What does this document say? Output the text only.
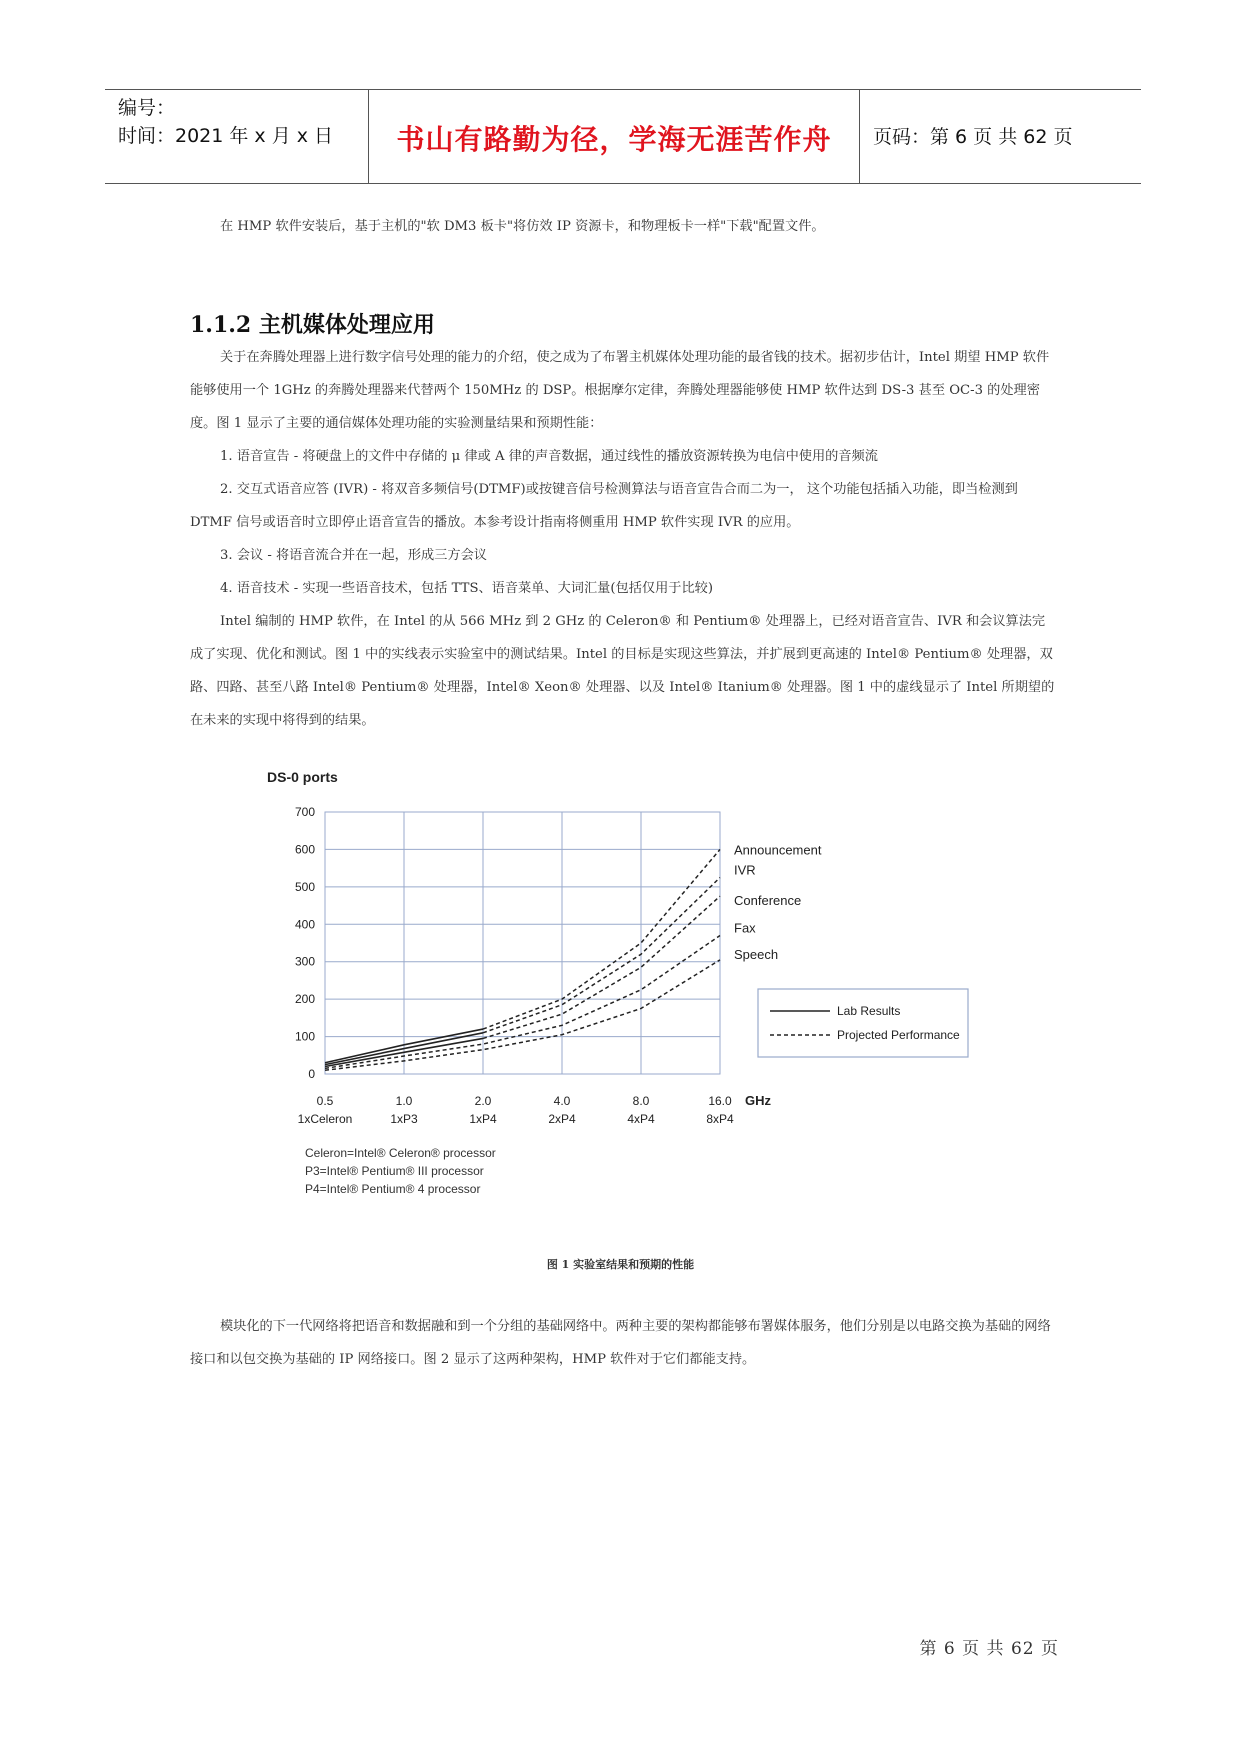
编号：
时间：2021 年 x 月 x 日	书山有路勤为径，学海无涯苦作舟	页码：第 6 页 共 62 页
在 HMP 软件安装后，基于主机的"软 DM3 板卡"将仿效 IP 资源卡，和物理板卡一样"下载"配置文件。
1.1.2 主机媒体处理应用
关于在奔腾处理器上进行数字信号处理的能力的介绍，使之成为了布署主机媒体处理功能的最省钱的技术。据初步估计，Intel 期望 HMP 软件能够使用一个 1GHz 的奔腾处理器来代替两个 150MHz 的 DSP。根据摩尔定律，奔腾处理器能够使 HMP 软件达到 DS-3 甚至 OC-3 的处理密度。图 1 显示了主要的通信媒体处理功能的实验测量结果和预期性能：
1. 语音宣告 - 将硬盘上的文件中存储的 μ 律或 A 律的声音数据，通过线性的播放资源转换为电信中使用的音频流
2. 交互式语音应答 (IVR) - 将双音多频信号(DTMF)或按键音信号检测算法与语音宣告合而二为一， 这个功能包括插入功能，即当检测到 DTMF 信号或语音时立即停止语音宣告的播放。本参考设计指南将侧重用 HMP 软件实现 IVR 的应用。
3. 会议 - 将语音流合并在一起，形成三方会议
4. 语音技术 - 实现一些语音技术，包括 TTS、语音菜单、大词汇量(包括仅用于比较)
Intel 编制的 HMP 软件，在 Intel 的从 566 MHz 到 2 GHz 的 Celeron® 和 Pentium® 处理器上，已经对语音宣告、IVR 和会议算法完成了实现、优化和测试。图 1 中的实线表示实验室中的测试结果。Intel 的目标是实现这些算法，并扩展到更高速的 Intel® Pentium® 处理器，双路、四路、甚至八路 Intel® Pentium® 处理器，Intel® Xeon® 处理器、以及 Intel® Itanium® 处理器。图 1 中的虚线显示了 Intel 所期望的在未来的实现中将得到的结果。
DS-0 ports
700
600
500
400
300
200
100
0
0.5
1xCeleron
1.0
1xP3
2.0
1xP4
4.0
2xP4
8.0
4xP4
16.0
8xP4
GHz
Announcement
IVR
Conference
Fax
Speech
Lab Results
Projected Performance
Celeron=Intel® Celeron® processor
P3=Intel® Pentium® III processor
P4=Intel® Pentium® 4 processor
图 1 实验室结果和预期的性能
模块化的下一代网络将把语音和数据融和到一个分组的基础网络中。两种主要的架构都能够布署媒体服务，他们分别是以电路交换为基础的网络接口和以包交换为基础的 IP 网络接口。图 2 显示了这两种架构，HMP 软件对于它们都能支持。
第 6 页 共 62 页
